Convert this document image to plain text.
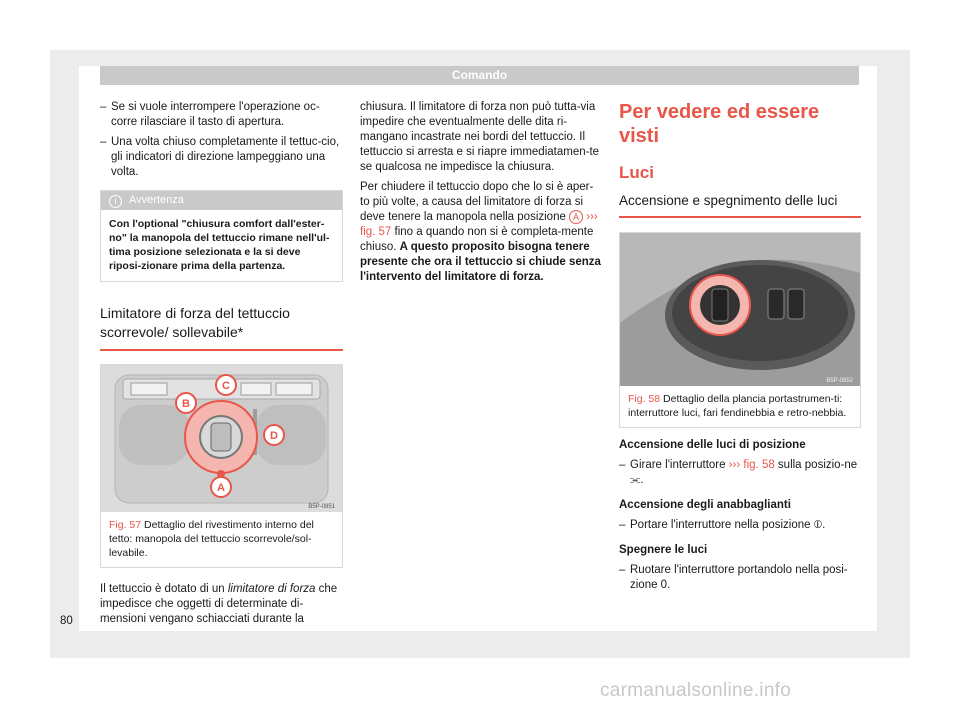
Comando
– Se si vuole interrompere l'operazione oc-corre rilasciare il tasto di apertura.
– Una volta chiuso completamente il tettuc-cio, gli indicatori di direzione lampeggiano una volta.
i Avvertenza
Con l'optional "chiusura comfort dall'ester-no" la manopola del tettuccio rimane nell'ul-tima posizione selezionata e la si deve riposi-zionare prima della partenza.
Limitatore di forza del tettuccio scorrevole/ sollevabile*
A
B
C
D
B5P-0851
Fig. 57 Dettaglio del rivestimento interno del tetto: manopola del tettuccio scorrevole/sol-levabile.

Il tettuccio è dotato di un limitatore di forza che impedisce che oggetti di determinate di-mensioni vengano schiacciati durante la

chiusura. Il limitatore di forza non può tutta-via impedire che eventualmente delle dita ri-mangano incastrate nei bordi del tettuccio. Il tettuccio si arresta e si riapre immediatamen-te se qualcosa ne impedisce la chiusura.

Per chiudere il tettuccio dopo che lo si è aper-to più volte, a causa del limitatore di forza si deve tenere la manopola nella posizione A ››› fig. 57 fino a quando non si è completa-mente chiuso. A questo proposito bisogna tenere presente che ora il tettuccio si chiude senza l'intervento del limitatore di forza.

Per vedere ed essere visti
Luci
Accensione e spegnimento delle luci
B5P-0852
Fig. 58 Dettaglio della plancia portastrumen-ti: interruttore luci, fari fendinebbia e retro-nebbia.
Accensione delle luci di posizione
– Girare l'interruttore ››› fig. 58 sulla posizio-ne ⫘.
Accensione degli anabbaglianti
– Portare l'interruttore nella posizione ⦶.
Spegnere le luci
– Ruotare l'interruttore portandolo nella posi-zione 0.
80
carmanualsonline.info
